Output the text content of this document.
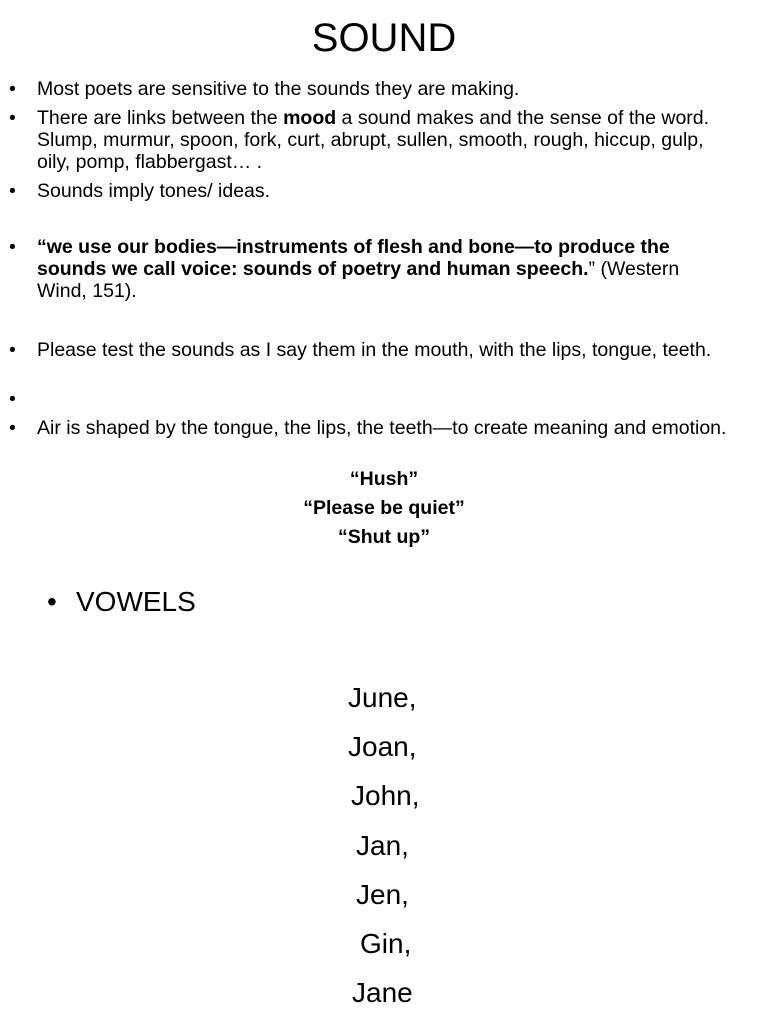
SOUND
• Most poets are sensitive to the sounds they are making.
• There are links between the mood a sound makes and the sense of the word. Slump, murmur, spoon, fork, curt, abrupt, sullen, smooth, rough, hiccup, gulp, oily, pomp, flabbergast… .
• Sounds imply tones/ ideas.
• “we use our bodies—instruments of flesh and bone—to produce the sounds we call voice: sounds of poetry and human speech.” (Western Wind, 151).
• Please test the sounds as I say them in the mouth, with the lips, tongue, teeth.
•
• Air is shaped by the tongue, the lips, the teeth—to create meaning and emotion.
“Hush”
“Please be quiet”
“Shut up”
• VOWELS
June,
Joan,
John,
Jan,
Jen,
Gin,
Jane
